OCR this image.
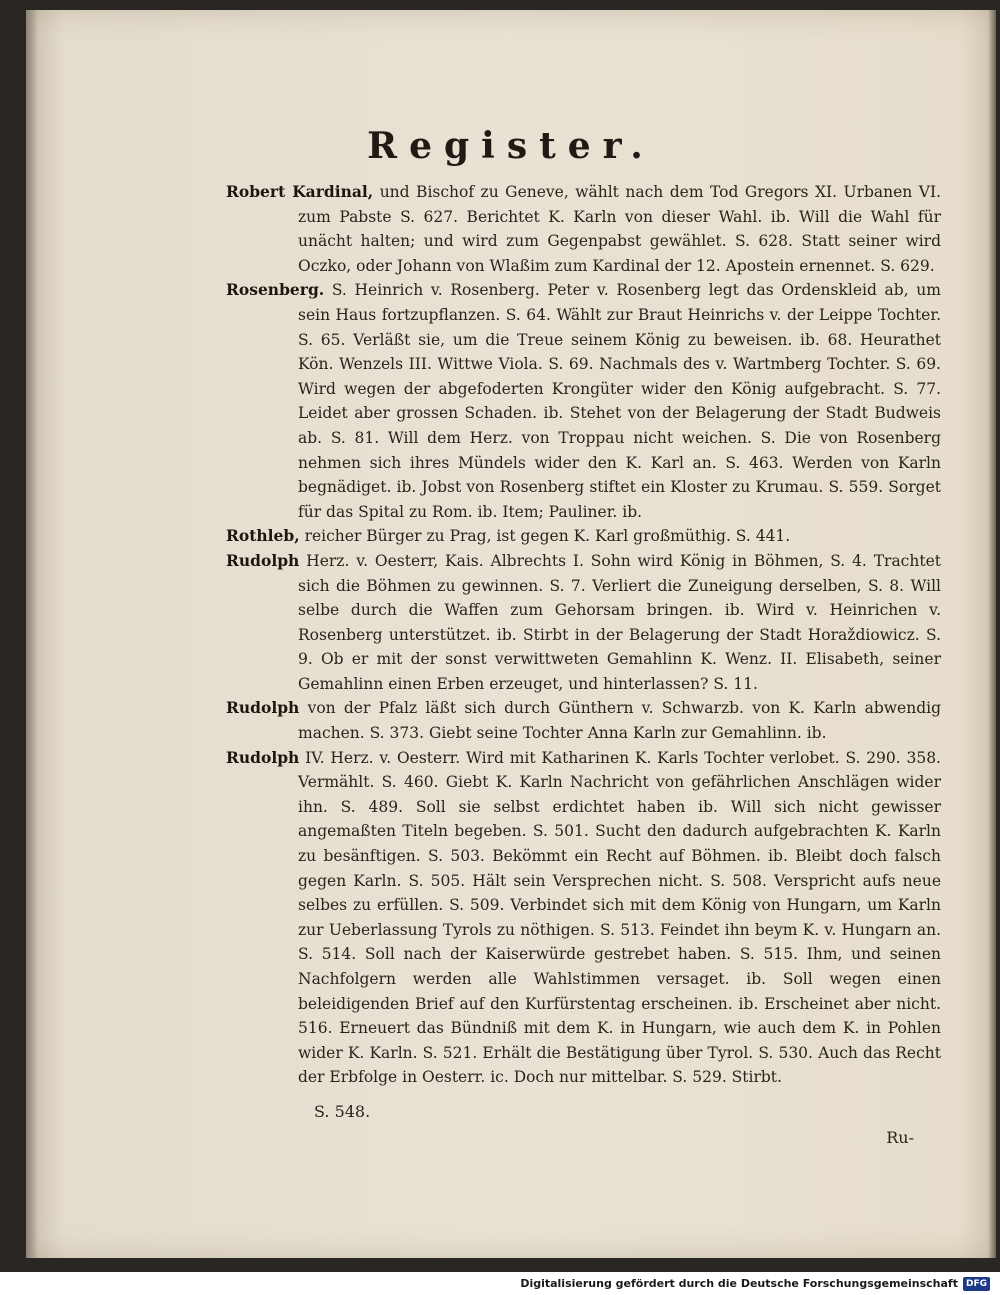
Register.

Robert Kardinal, und Bischof zu Geneve, wählt nach dem Tod Gregors XI. Urbanen VI. zum Pabste S. 627. Berichtet K. Karln von dieser Wahl. ib. Will die Wahl für unächt halten; und wird zum Gegenpabst gewählet. S. 628. Statt seiner wird Oczko, oder Johann von Wlaßim zum Kardinal der 12. Apostein ernennet. S. 629.

Rosenberg. S. Heinrich v. Rosenberg. Peter v. Rosenberg legt das Ordenskleid ab, um sein Haus fortzupflanzen. S. 64. Wählt zur Braut Heinrichs v. der Leippe Tochter. S. 65. Verläßt sie, um die Treue seinem König zu beweisen. ib. 68. Heurathet Kön. Wenzels III. Wittwe Viola. S. 69. Nachmals des v. Wartmberg Tochter. S. 69. Wird wegen der abgefoderten Krongüter wider den König aufgebracht. S. 77. Leidet aber grossen Schaden. ib. Stehet von der Belagerung der Stadt Budweis ab. S. 81. Will dem Herz. von Troppau nicht weichen. S. Die von Rosenberg nehmen sich ihres Mündels wider den K. Karl an. S. 463. Werden von Karln begnädiget. ib. Jobst von Rosenberg stiftet ein Kloster zu Krumau. S. 559. Sorget für das Spital zu Rom. ib. Item; Pauliner. ib.

Rothleb, reicher Bürger zu Prag, ist gegen K. Karl großmüthig. S. 441.

Rudolph Herz. v. Oesterr, Kais. Albrechts I. Sohn wird König in Böhmen, S. 4. Trachtet sich die Böhmen zu gewinnen. S. 7. Verliert die Zuneigung derselben, S. 8. Will selbe durch die Waffen zum Gehorsam bringen. ib. Wird v. Heinrichen v. Rosenberg unterstützet. ib. Stirbt in der Belagerung der Stadt Horaždiowicz. S. 9. Ob er mit der sonst verwittweten Gemahlinn K. Wenz. II. Elisabeth, seiner Gemahlinn einen Erben erzeuget, und hinterlassen? S. 11.

Rudolph von der Pfalz läßt sich durch Günthern v. Schwarzb. von K. Karln abwendig machen. S. 373. Giebt seine Tochter Anna Karln zur Gemahlinn. ib.

Rudolph IV. Herz. v. Oesterr. Wird mit Katharinen K. Karls Tochter verlobet. S. 290. 358. Vermählt. S. 460. Giebt K. Karln Nachricht von gefährlichen Anschlägen wider ihn. S. 489. Soll sie selbst erdichtet haben ib. Will sich nicht gewisser angemaßten Titeln begeben. S. 501. Sucht den dadurch aufgebrachten K. Karln zu besänftigen. S. 503. Bekömmt ein Recht auf Böhmen. ib. Bleibt doch falsch gegen Karln. S. 505. Hält sein Versprechen nicht. S. 508. Verspricht aufs neue selbes zu erfüllen. S. 509. Verbindet sich mit dem König von Hungarn, um Karln zur Ueberlassung Tyrols zu nöthigen. S. 513. Feindet ihn beym K. v. Hungarn an. S. 514. Soll nach der Kaiserwürde gestrebet haben. S. 515. Ihm, und seinen Nachfolgern werden alle Wahlstimmen versaget. ib. Soll wegen einen beleidigenden Brief auf den Kurfürstentag erscheinen. ib. Erscheinet aber nicht. 516. Erneuert das Bündniß mit dem K. in Hungarn, wie auch dem K. in Pohlen wider K. Karln. S. 521. Erhält die Bestätigung über Tyrol. S. 530. Auch das Recht der Erbfolge in Oesterr. ic. Doch nur mittelbar. S. 529. Stirbt.

S. 548.
Ru-
Digitalisierung gefördert durch die Deutsche Forschungsgemeinschaft DFG
